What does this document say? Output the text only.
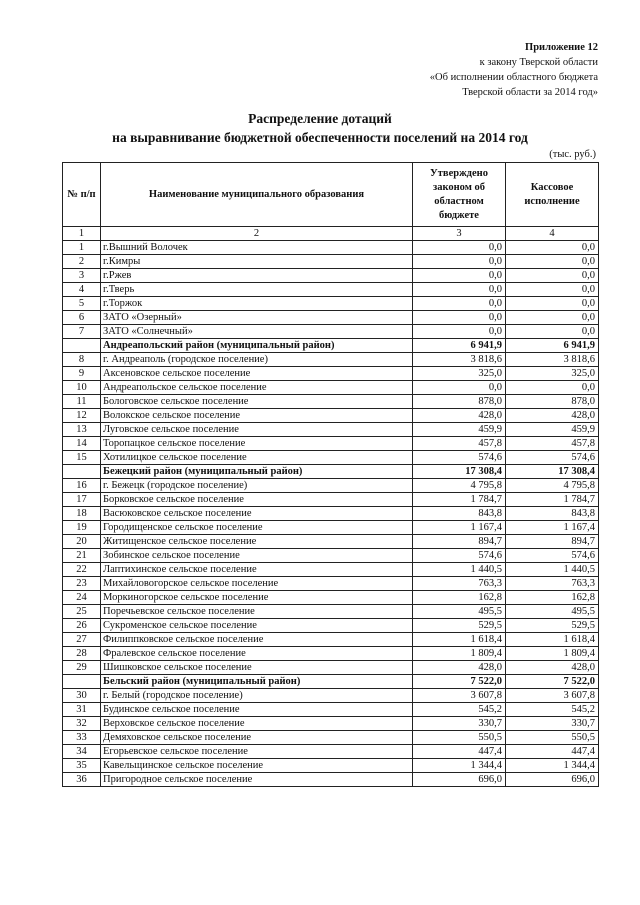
Приложение 12
к закону Тверской области
«Об исполнении областного бюджета
Тверской области за 2014 год»
Распределение дотаций
на выравнивание бюджетной обеспеченности поселений на 2014 год
(тыс. руб.)
№ п/п	Наименование муниципального образования	Утверждено законом об областном бюджете	Кассовое исполнение
1	2	3	4
1	г.Вышний Волочек	0,0	0,0
2	г.Кимры	0,0	0,0
3	г.Ржев	0,0	0,0
4	г.Тверь	0,0	0,0
5	г.Торжок	0,0	0,0
6	ЗАТО «Озерный»	0,0	0,0
7	ЗАТО «Солнечный»	0,0	0,0
	Андреапольский район (муниципальный район)	6 941,9	6 941,9
8	г. Андреаполь (городское поселение)	3 818,6	3 818,6
9	Аксеновское сельское поселение	325,0	325,0
10	Андреапольское сельское поселение	0,0	0,0
11	Бологовское сельское поселение	878,0	878,0
12	Волокское сельское поселение	428,0	428,0
13	Луговское сельское поселение	459,9	459,9
14	Торопацкое сельское поселение	457,8	457,8
15	Хотилицкое сельское поселение	574,6	574,6
	Бежецкий район (муниципальный район)	17 308,4	17 308,4
16	г. Бежецк (городское поселение)	4 795,8	4 795,8
17	Борковское сельское поселение	1 784,7	1 784,7
18	Васюковское сельское поселение	843,8	843,8
19	Городищенское сельское поселение	1 167,4	1 167,4
20	Житищенское сельское поселение	894,7	894,7
21	Зобинское сельское поселение	574,6	574,6
22	Лаптихинское сельское поселение	1 440,5	1 440,5
23	Михайловогорское сельское поселение	763,3	763,3
24	Моркиногорское сельское поселение	162,8	162,8
25	Поречьевское сельское поселение	495,5	495,5
26	Сукроменское сельское поселение	529,5	529,5
27	Филиппковское сельское поселение	1 618,4	1 618,4
28	Фралевское сельское поселение	1 809,4	1 809,4
29	Шишковское сельское поселение	428,0	428,0
	Бельский район (муниципальный район)	7 522,0	7 522,0
30	г. Белый (городское поселение)	3 607,8	3 607,8
31	Будинское сельское поселение	545,2	545,2
32	Верховское сельское поселение	330,7	330,7
33	Демяховское сельское поселение	550,5	550,5
34	Егорьевское сельское поселение	447,4	447,4
35	Кавельщинское сельское поселение	1 344,4	1 344,4
36	Пригородное сельское поселение	696,0	696,0
